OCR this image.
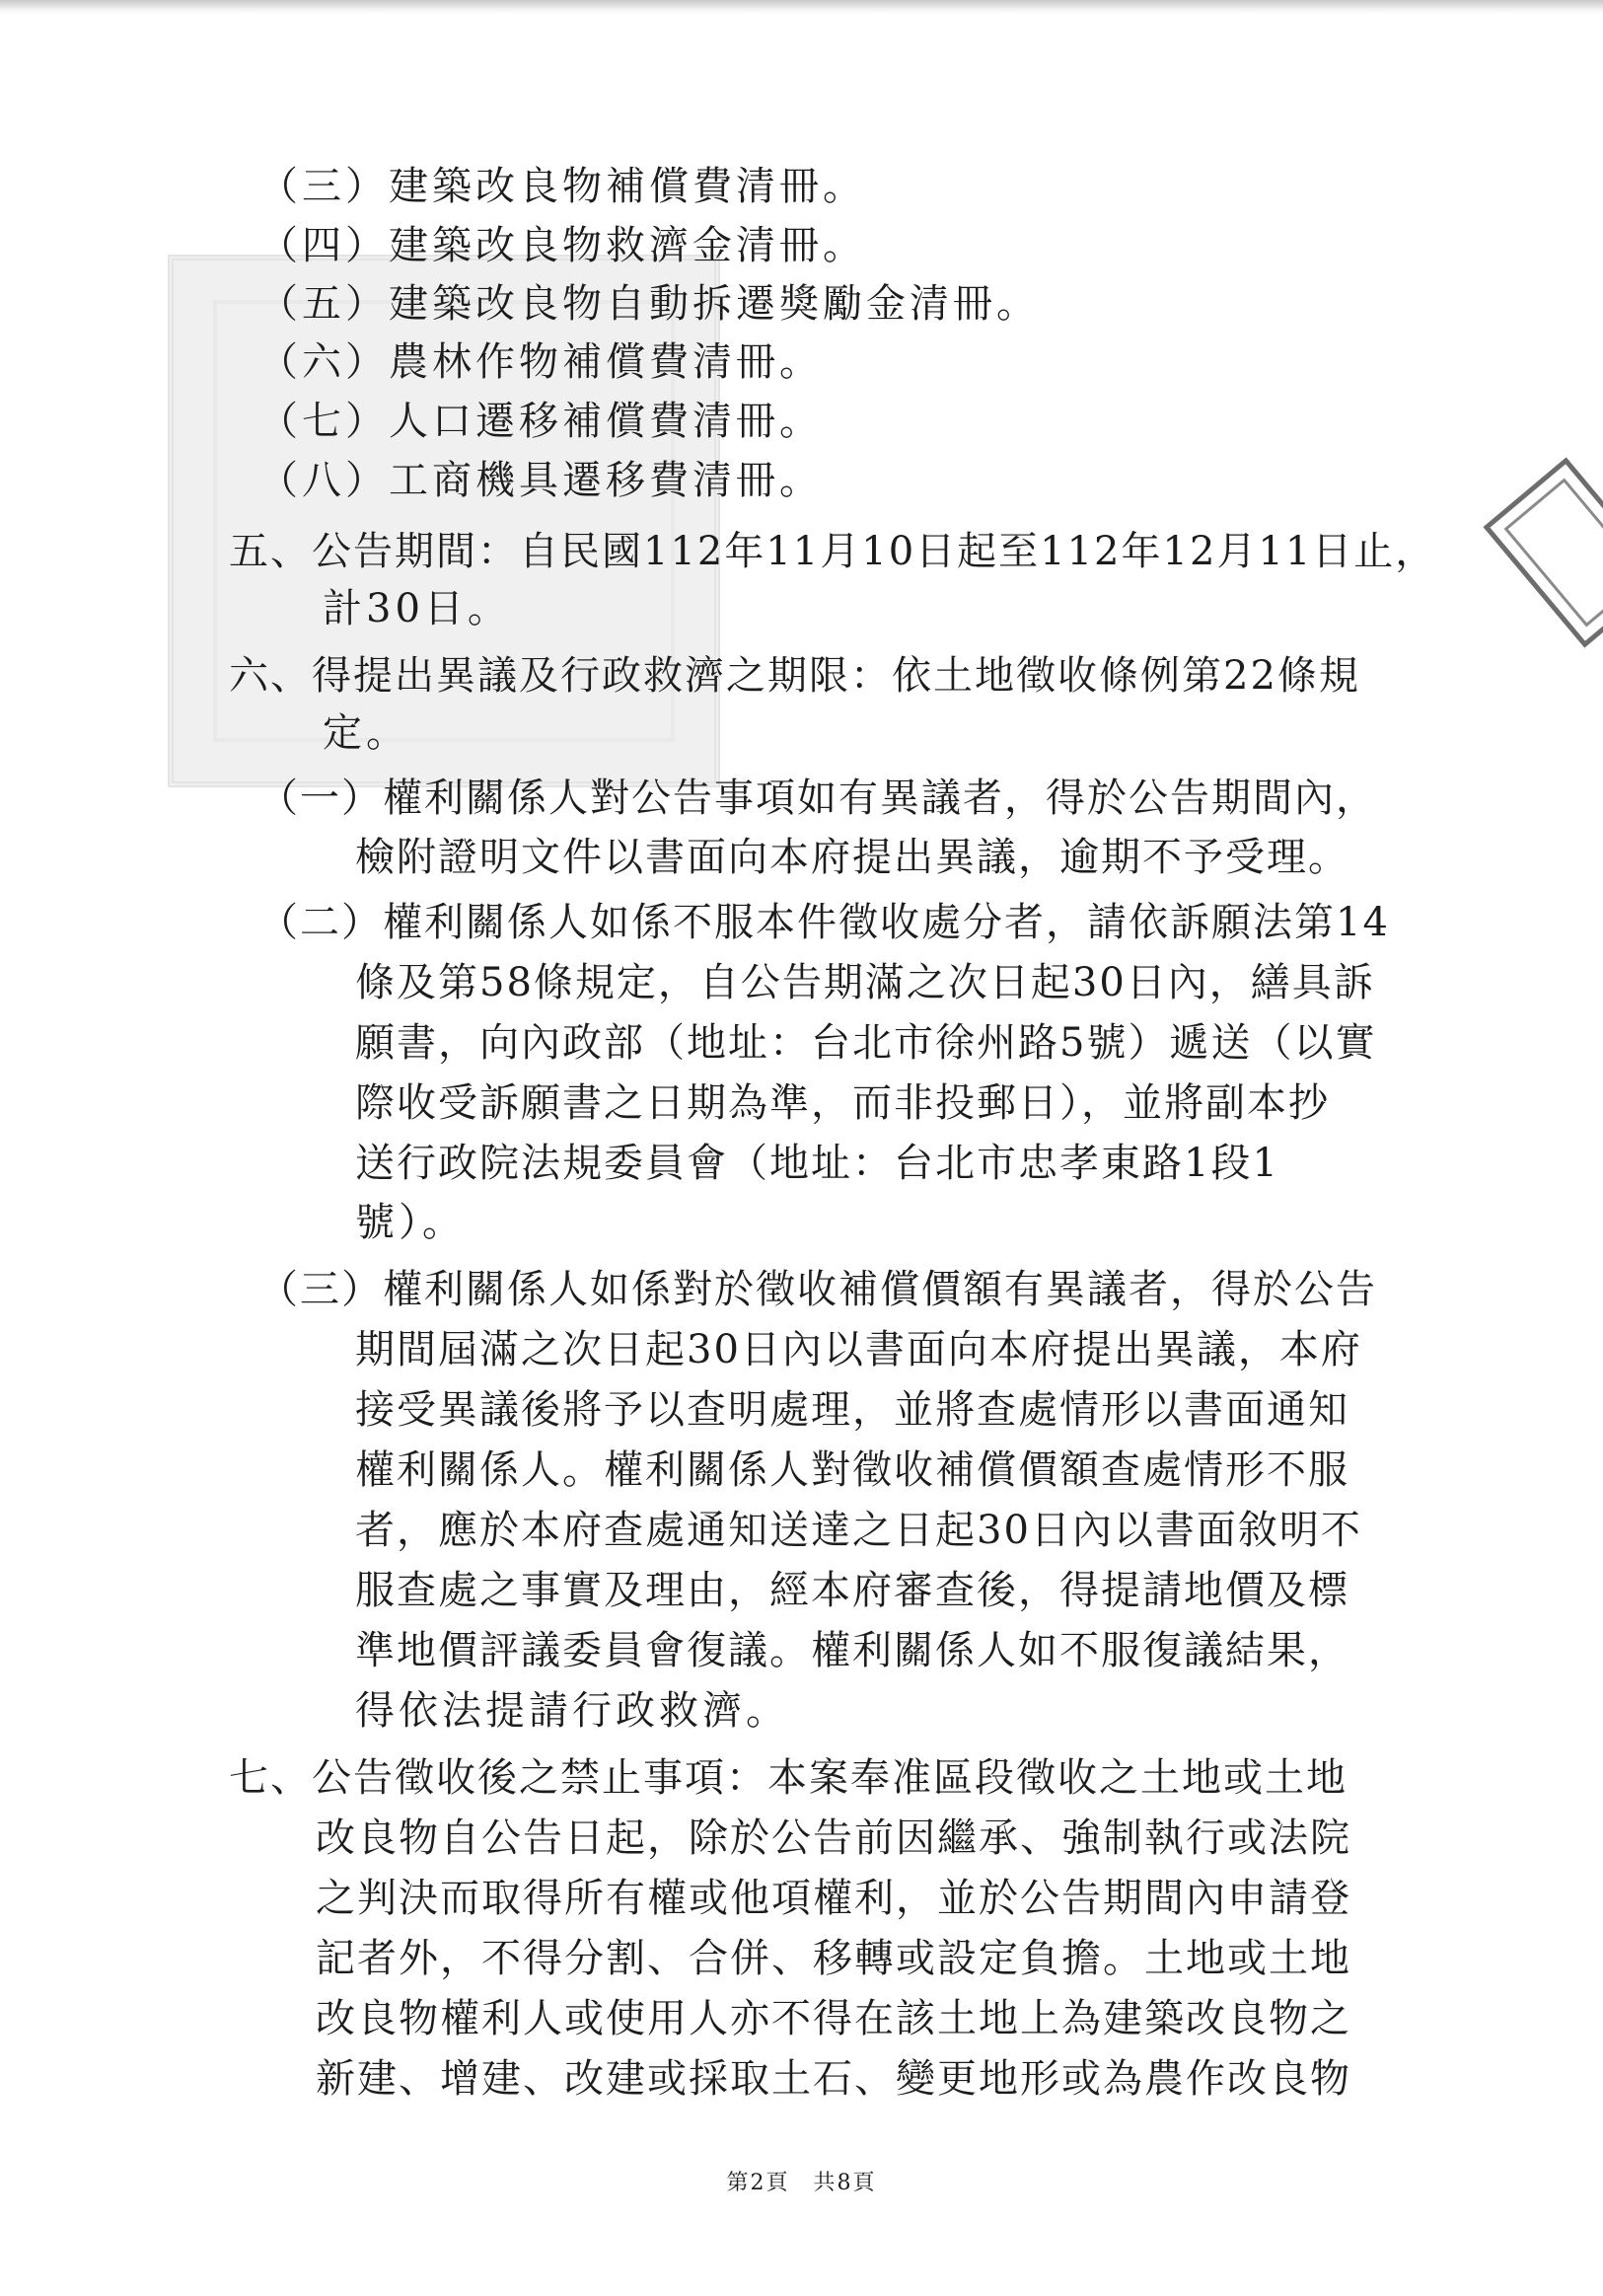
（三）建築改良物補償費清冊。
（四）建築改良物救濟金清冊。
（五）建築改良物自動拆遷獎勵金清冊。
（六）農林作物補償費清冊。
（七）人口遷移補償費清冊。
（八）工商機具遷移費清冊。
五、公告期間：自民國112年11月10日起至112年12月11日止，
計30日。
六、得提出異議及行政救濟之期限：依土地徵收條例第22條規
定。
（一）權利關係人對公告事項如有異議者，得於公告期間內，
檢附證明文件以書面向本府提出異議，逾期不予受理。
（二）權利關係人如係不服本件徵收處分者，請依訴願法第14
條及第58條規定，自公告期滿之次日起30日內，繕具訴
願書，向內政部（地址：台北市徐州路5號）遞送（以實
際收受訴願書之日期為準，而非投郵日），並將副本抄
送行政院法規委員會（地址：台北市忠孝東路1段1
號）。
（三）權利關係人如係對於徵收補償價額有異議者，得於公告
期間屆滿之次日起30日內以書面向本府提出異議，本府
接受異議後將予以查明處理，並將查處情形以書面通知
權利關係人。權利關係人對徵收補償價額查處情形不服
者，應於本府查處通知送達之日起30日內以書面敘明不
服查處之事實及理由，經本府審查後，得提請地價及標
準地價評議委員會復議。權利關係人如不服復議結果，
得依法提請行政救濟。
七、公告徵收後之禁止事項：本案奉准區段徵收之土地或土地
改良物自公告日起，除於公告前因繼承、強制執行或法院
之判決而取得所有權或他項權利，並於公告期間內申請登
記者外，不得分割、合併、移轉或設定負擔。土地或土地
改良物權利人或使用人亦不得在該土地上為建築改良物之
新建、增建、改建或採取土石、變更地形或為農作改良物
第2頁　共8頁
